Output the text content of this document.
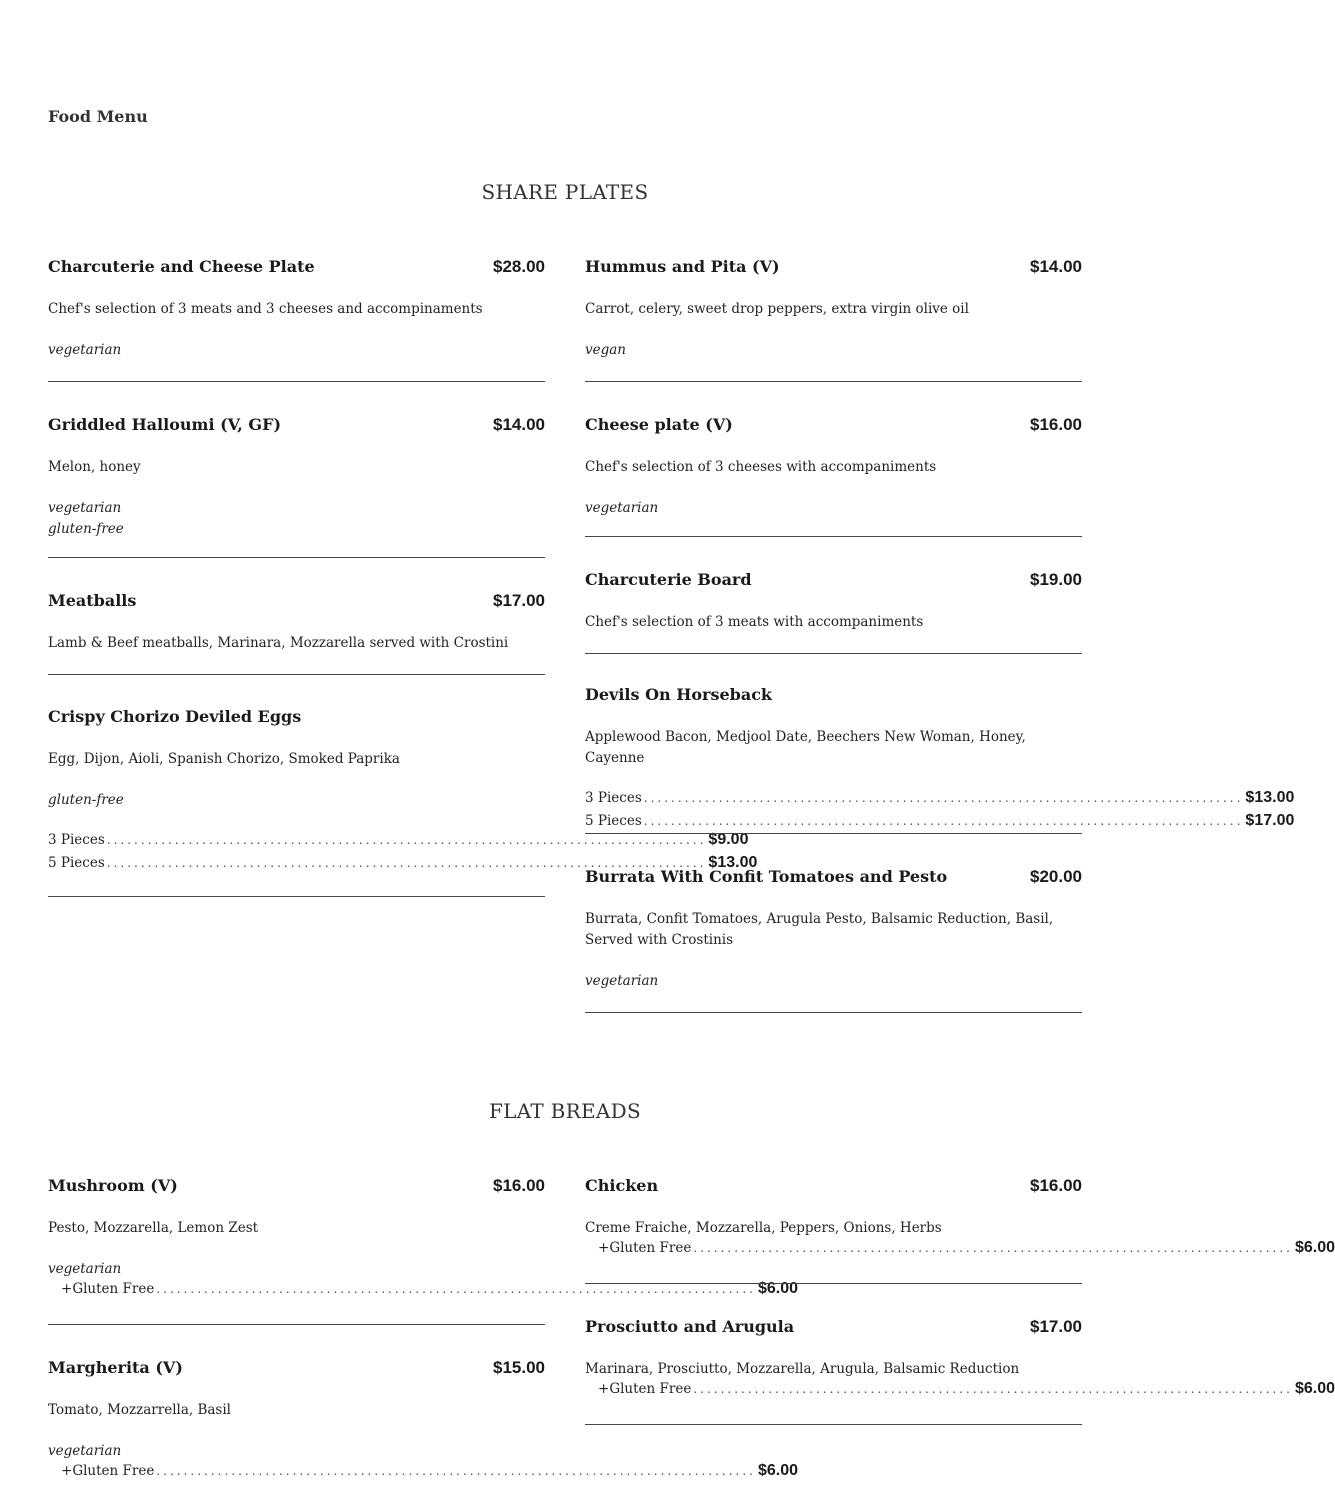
Food Menu
SHARE PLATES
Charcuterie and Cheese Plate	$28.00
Chef's selection of 3 meats and 3 cheeses and accompinaments
vegetarian
Griddled Halloumi (V, GF)	$14.00
Melon, honey
vegetarian
gluten-free
Meatballs	$17.00
Lamb & Beef meatballs, Marinara, Mozzarella served with Crostini
Crispy Chorizo Deviled Eggs
Egg, Dijon, Aioli, Spanish Chorizo, Smoked Paprika
gluten-free
3 Pieces ........................................................................................ $9.00
5 Pieces ........................................................................................ $13.00
Hummus and Pita (V)	$14.00
Carrot, celery, sweet drop peppers, extra virgin olive oil
vegan
Cheese plate (V)	$16.00
Chef's selection of 3 cheeses with accompaniments
vegetarian
Charcuterie Board	$19.00
Chef's selection of 3 meats with accompaniments
Devils On Horseback
Applewood Bacon, Medjool Date, Beechers New Woman, Honey, Cayenne
3 Pieces ........................................................................................ $13.00
5 Pieces ........................................................................................ $17.00
Burrata With Confit Tomatoes and Pesto	$20.00
Burrata, Confit Tomatoes, Arugula Pesto, Balsamic Reduction, Basil, Served with Crostinis
vegetarian
FLAT BREADS
Mushroom (V)	$16.00
Pesto, Mozzarella, Lemon Zest
vegetarian
+ Gluten Free ........................................................................................ $6.00
Margherita (V)	$15.00
Tomato, Mozzarrella, Basil
vegetarian
+ Gluten Free ........................................................................................ $6.00
Chicken	$16.00
Creme Fraiche, Mozzarella, Peppers, Onions, Herbs
+ Gluten Free ........................................................................................ $6.00
Prosciutto and Arugula	$17.00
Marinara, Prosciutto, Mozzarella, Arugula, Balsamic Reduction
+ Gluten Free ........................................................................................ $6.00
